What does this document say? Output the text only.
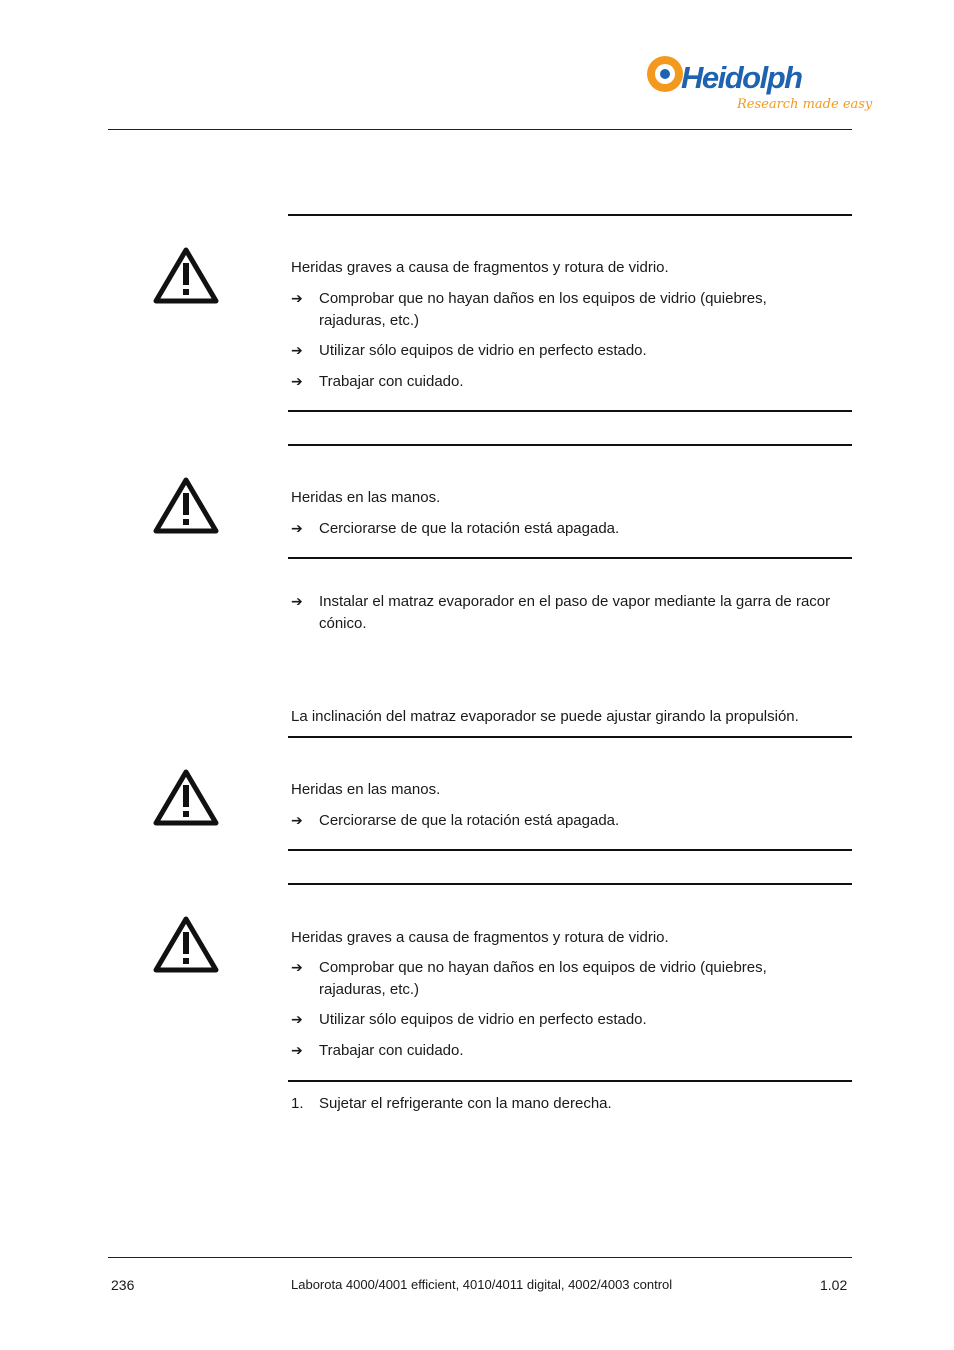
Heidolph
Research made easy
Heridas graves a causa de fragmentos y rotura de vidrio.
➔ Comprobar que no hayan daños en los equipos de vidrio (quiebres, rajaduras, etc.)
➔ Utilizar sólo equipos de vidrio en perfecto estado.
➔ Trabajar con cuidado.
Heridas en las manos.
➔ Cerciorarse de que la rotación está apagada.
➔ Instalar el matraz evaporador en el paso de vapor mediante la garra de racor cónico.
La inclinación del matraz evaporador se puede ajustar girando la propulsión.
Heridas en las manos.
➔ Cerciorarse de que la rotación está apagada.
Heridas graves a causa de fragmentos y rotura de vidrio.
➔ Comprobar que no hayan daños en los equipos de vidrio (quiebres, rajaduras, etc.)
➔ Utilizar sólo equipos de vidrio en perfecto estado.
➔ Trabajar con cuidado.
1. Sujetar el refrigerante con la mano derecha.
236	Laborota 4000/4001 efficient, 4010/4011 digital, 4002/4003 control	1.02
